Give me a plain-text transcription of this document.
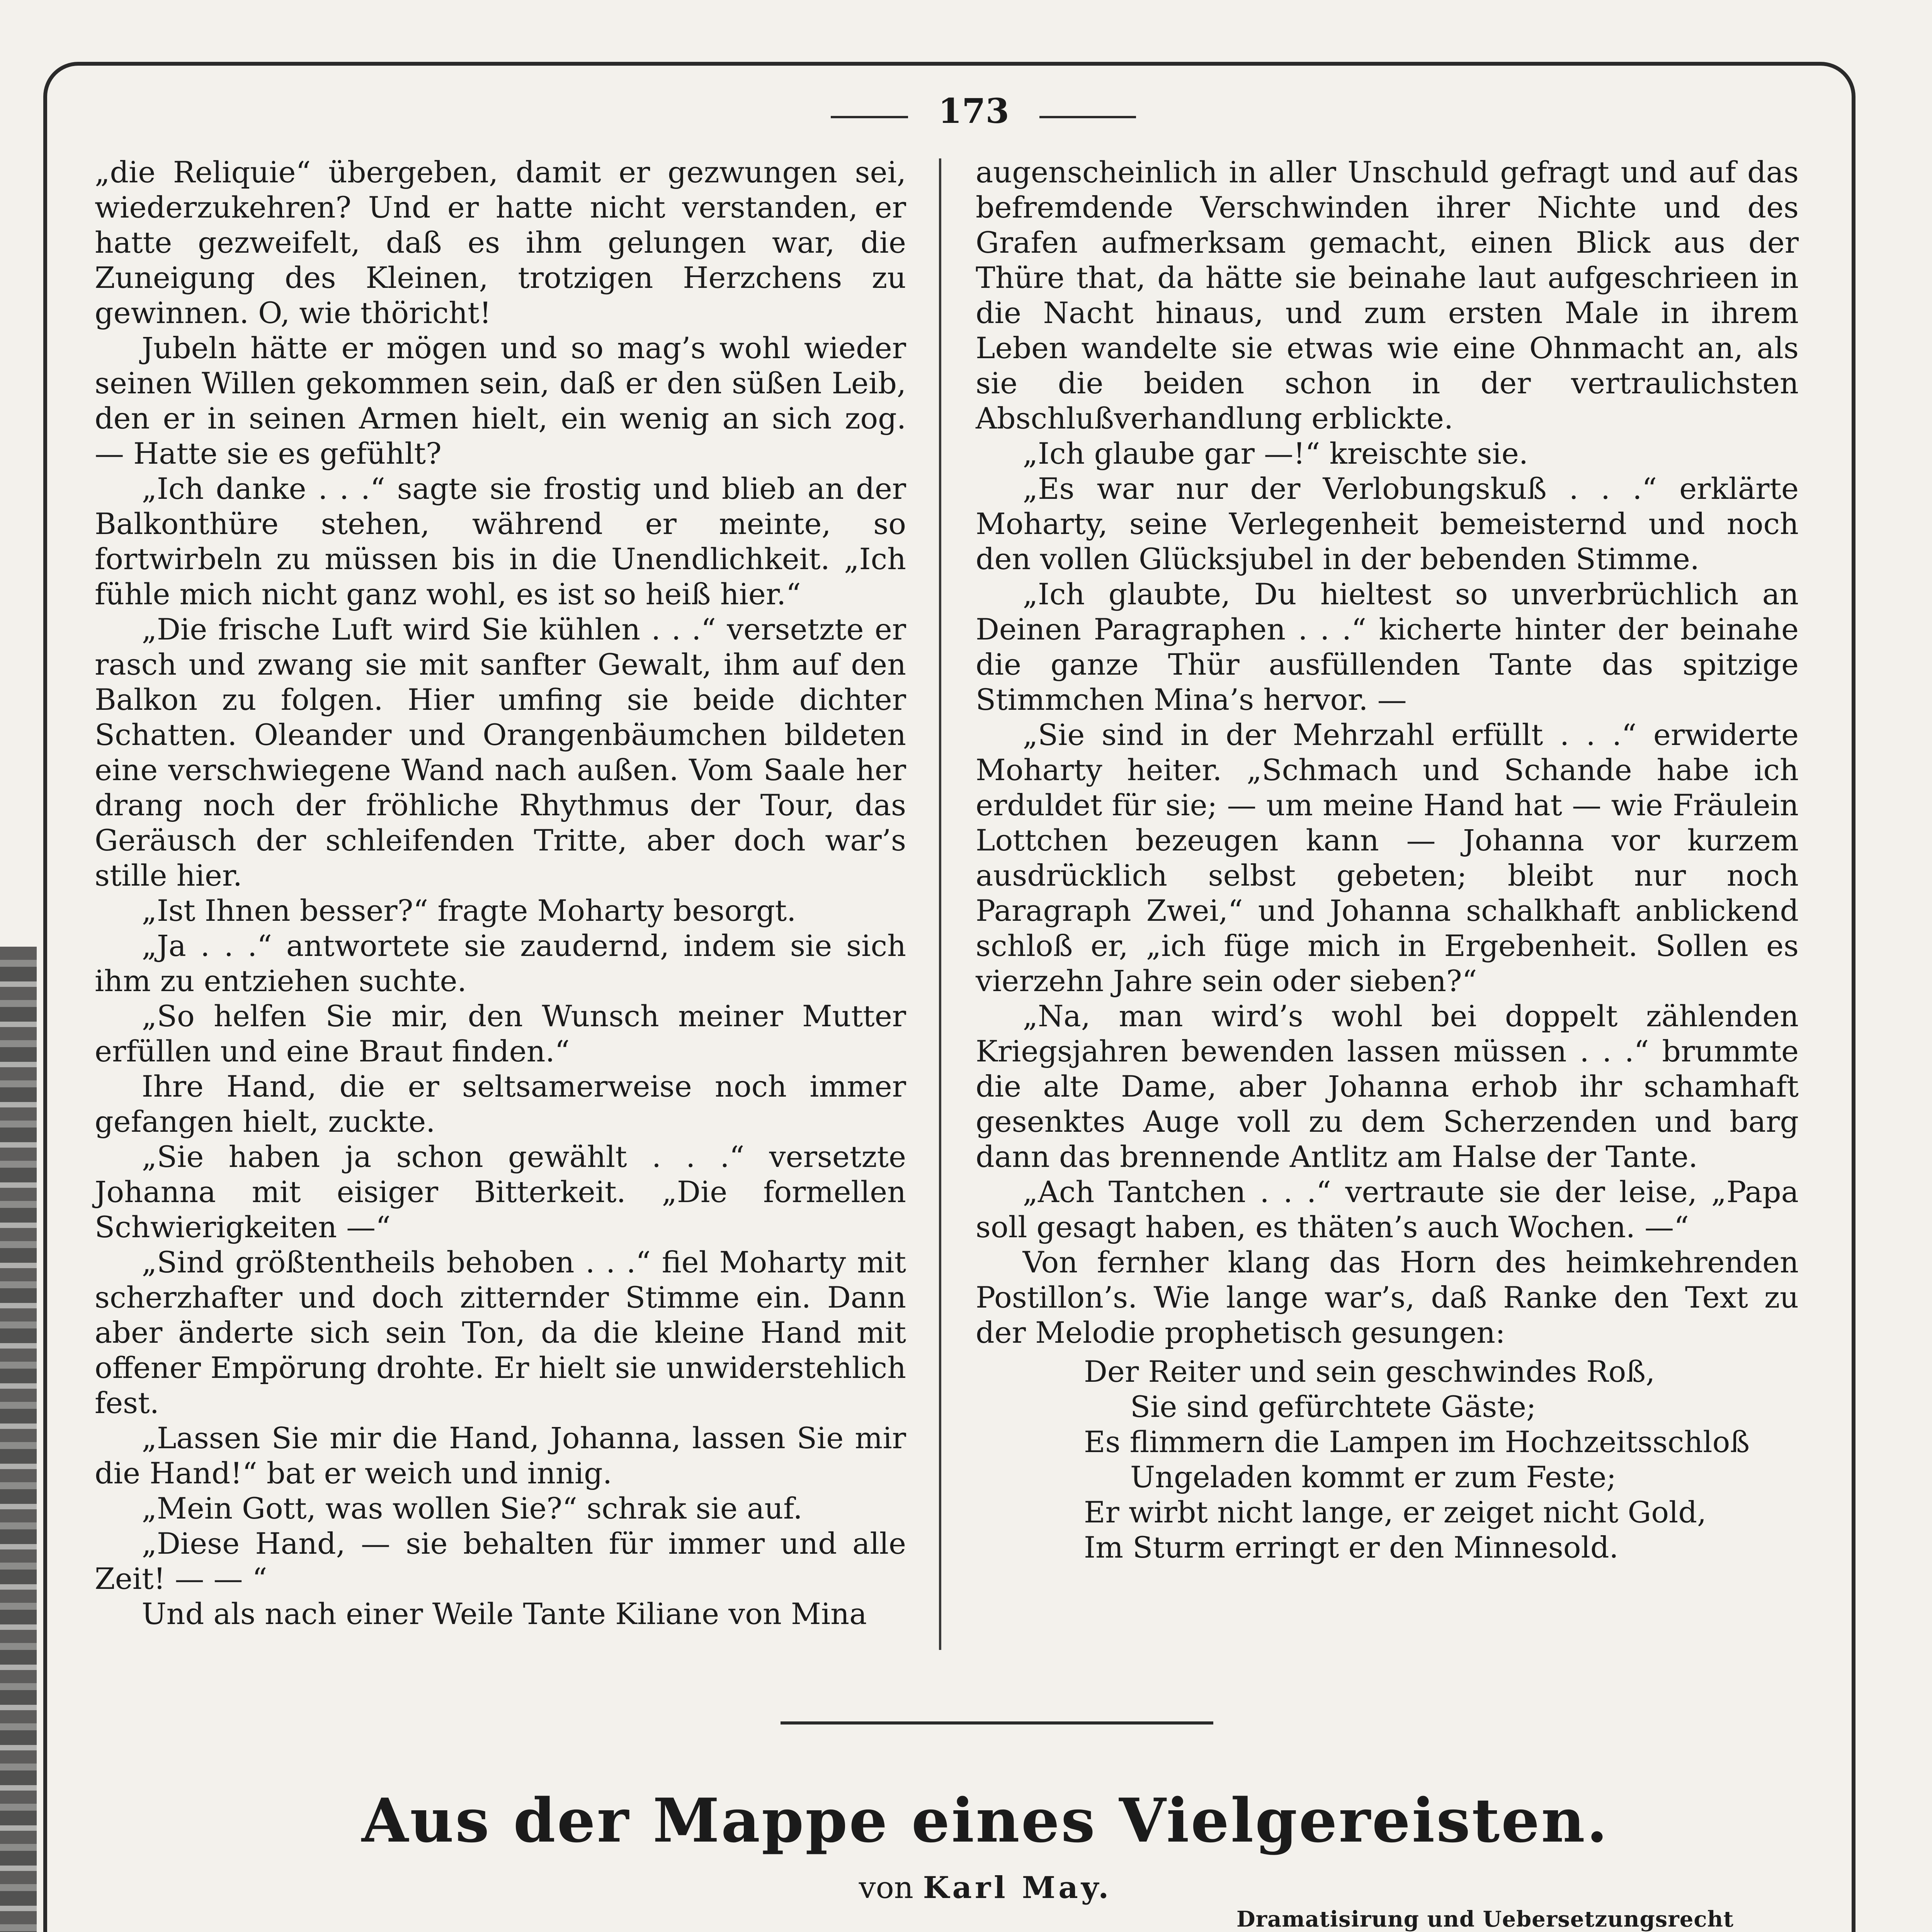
173

„die Reliquie“ übergeben, damit er gezwungen sei, wiederzukehren? Und er hatte nicht verstanden, er hatte gezweifelt, daß es ihm gelungen war, die Zuneigung des Kleinen, trotzigen Herzchens zu gewinnen. O, wie thöricht!

Jubeln hätte er mögen und so mag’s wohl wieder seinen Willen gekommen sein, daß er den süßen Leib, den er in seinen Armen hielt, ein wenig an sich zog. — Hatte sie es gefühlt?

„Ich danke . . .“ sagte sie frostig und blieb an der Balkonthüre stehen, während er meinte, so fortwirbeln zu müssen bis in die Unendlichkeit. „Ich fühle mich nicht ganz wohl, es ist so heiß hier.“

„Die frische Luft wird Sie kühlen . . .“ versetzte er rasch und zwang sie mit sanfter Gewalt, ihm auf den Balkon zu folgen. Hier umfing sie beide dichter Schatten. Oleander und Orangenbäumchen bildeten eine verschwiegene Wand nach außen. Vom Saale her drang noch der fröhliche Rhythmus der Tour, das Geräusch der schleifenden Tritte, aber doch war’s stille hier.

„Ist Ihnen besser?“ fragte Moharty besorgt.

„Ja . . .“ antwortete sie zaudernd, indem sie sich ihm zu entziehen suchte.

„So helfen Sie mir, den Wunsch meiner Mutter erfüllen und eine Braut finden.“

Ihre Hand, die er seltsamerweise noch immer gefangen hielt, zuckte.

„Sie haben ja schon gewählt . . .“ versetzte Johanna mit eisiger Bitterkeit. „Die formellen Schwierigkeiten —“

„Sind größtentheils behoben . . .“ fiel Moharty mit scherzhafter und doch zitternder Stimme ein. Dann aber änderte sich sein Ton, da die kleine Hand mit offener Empörung drohte. Er hielt sie unwiderstehlich fest.

„Lassen Sie mir die Hand, Johanna, lassen Sie mir die Hand!“ bat er weich und innig.

„Mein Gott, was wollen Sie?“ schrak sie auf.

„Diese Hand, — sie behalten für immer und alle Zeit! — — “

Und als nach einer Weile Tante Kiliane von Mina

augenscheinlich in aller Unschuld gefragt und auf das befremdende Verschwinden ihrer Nichte und des Grafen aufmerksam gemacht, einen Blick aus der Thüre that, da hätte sie beinahe laut aufgeschrieen in die Nacht hinaus, und zum ersten Male in ihrem Leben wandelte sie etwas wie eine Ohnmacht an, als sie die beiden schon in der vertraulichsten Abschlußverhandlung erblickte.

„Ich glaube gar —!“ kreischte sie.

„Es war nur der Verlobungskuß . . .“ erklärte Moharty, seine Verlegenheit bemeisternd und noch den vollen Glücksjubel in der bebenden Stimme.

„Ich glaubte, Du hieltest so unverbrüchlich an Deinen Paragraphen . . .“ kicherte hinter der beinahe die ganze Thür ausfüllenden Tante das spitzige Stimmchen Mina’s hervor. —

„Sie sind in der Mehrzahl erfüllt . . .“ erwiderte Moharty heiter. „Schmach und Schande habe ich erduldet für sie; — um meine Hand hat — wie Fräulein Lottchen bezeugen kann — Johanna vor kurzem ausdrücklich selbst gebeten; bleibt nur noch Paragraph Zwei,“ und Johanna schalkhaft anblickend schloß er, „ich füge mich in Ergebenheit. Sollen es vierzehn Jahre sein oder sieben?“

„Na, man wird’s wohl bei doppelt zählenden Kriegsjahren bewenden lassen müssen . . .“ brummte die alte Dame, aber Johanna erhob ihr schamhaft gesenktes Auge voll zu dem Scherzenden und barg dann das brennende Antlitz am Halse der Tante.

„Ach Tantchen . . .“ vertraute sie der leise, „Papa soll gesagt haben, es thäten’s auch Wochen. —“

Von fernher klang das Horn des heimkehrenden Postillon’s. Wie lange war’s, daß Ranke den Text zu der Melodie prophetisch gesungen:

Der Reiter und sein geschwindes Roß,
Sie sind gefürchtete Gäste;
Es flimmern die Lampen im Hochzeitsschloß
Ungeladen kommt er zum Feste;
Er wirbt nicht lange, er zeiget nicht Gold,
Im Sturm erringt er den Minnesold.
Aus der Mappe eines Vielgereisten.
von Karl May.
Dramatisirung und Uebersetzungsrecht
